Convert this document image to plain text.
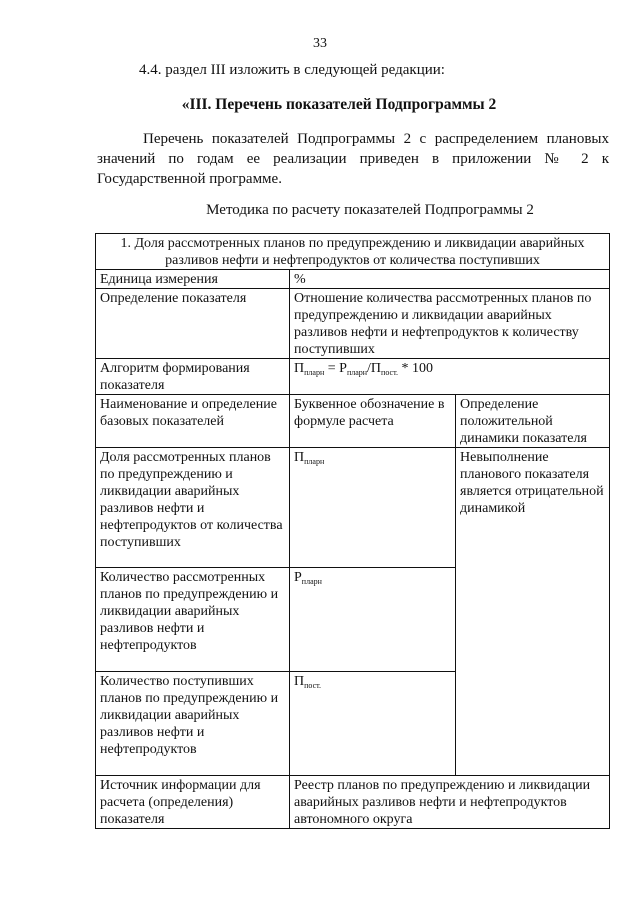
33
4.4. раздел III изложить в следующей редакции:
«III. Перечень показателей Подпрограммы 2
Перечень показателей Подпрограммы 2 с распределением плановых значений по годам ее реализации приведен в приложении № 2 к Государственной программе.
Методика по расчету показателей Подпрограммы 2
1. Доля рассмотренных планов по предупреждению и ликвидации аварийных разливов нефти и нефтепродуктов от количества поступивших		
Единица измерения	%	
Определение показателя	Отношение количества рассмотренных планов по предупреждению и ликвидации аварийных разливов нефти и нефтепродуктов к количеству поступивших	
Алгоритм формирования показателя	$П_{пларн} = Р_{пларн}/П_{пост.} * 100$	
Наименование и определение базовых показателей	Буквенное обозначение в формуле расчета	Определение положительной динамики показателя
Доля рассмотренных планов по предупреждению и ликвидации аварийных разливов нефти и нефтепродуктов от количества поступивших	$П_{пларн}$	Невыполнение планового показателя является отрицательной динамикой
Количество рассмотренных планов по предупреждению и ликвидации аварийных разливов нефти и нефтепродуктов	$Р_{пларн}$
Количество поступивших планов по предупреждению и ликвидации аварийных разливов нефти и нефтепродуктов	$П_{пост.}$
Источник информации для расчета (определения) показателя	Реестр планов по предупреждению и ликвидации аварийных разливов нефти и нефтепродуктов автономного округа	
